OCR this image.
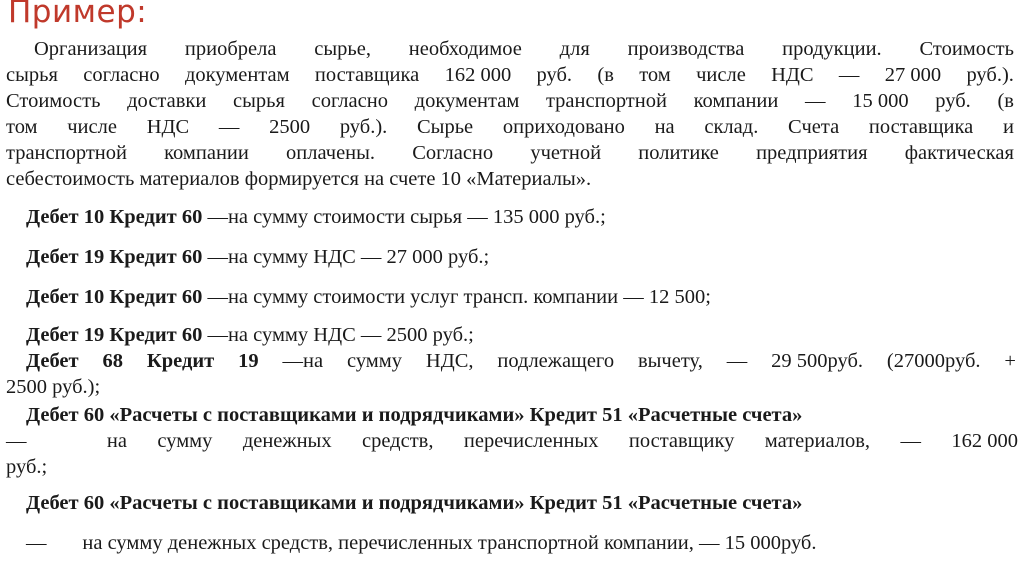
Пример:
Организация приобрела сырье, необходимое для производства продукции. Стоимость
сырья согласно документам поставщика 162 000 руб. (в том числе НДС — 27 000 руб.).
Стоимость доставки сырья согласно документам транспортной компании — 15 000 руб. (в
том числе НДС — 2500 руб.). Сырье оприходовано на склад. Счета поставщика и
транспортной компании оплачены. Согласно учетной политике предприятия фактическая
себестоимость материалов формируется на счете 10 «Материалы».
Дебет 10 Кредит 60 —на сумму стоимости сырья — 135 000 руб.;
Дебет 19 Кредит 60 —на сумму НДС — 27 000 руб.;
Дебет 10 Кредит 60 —на сумму стоимости услуг трансп. компании — 12 500;
Дебет 19 Кредит 60 —на сумму НДС — 2500 руб.;
Дебет 68 Кредит 19 —на сумму НДС, подлежащего вычету, — 29 500руб. (27000руб. +
2500 руб.);
Дебет 60 «Расчеты с поставщиками и подрядчиками» Кредит 51 «Расчетные счета»
—	на сумму денежных средств, перечисленных поставщику материалов, — 162 000
руб.;
Дебет 60 «Расчеты с поставщиками и подрядчиками» Кредит 51 «Расчетные счета»
—       на сумму денежных средств, перечисленных транспортной компании, — 15 000руб.
